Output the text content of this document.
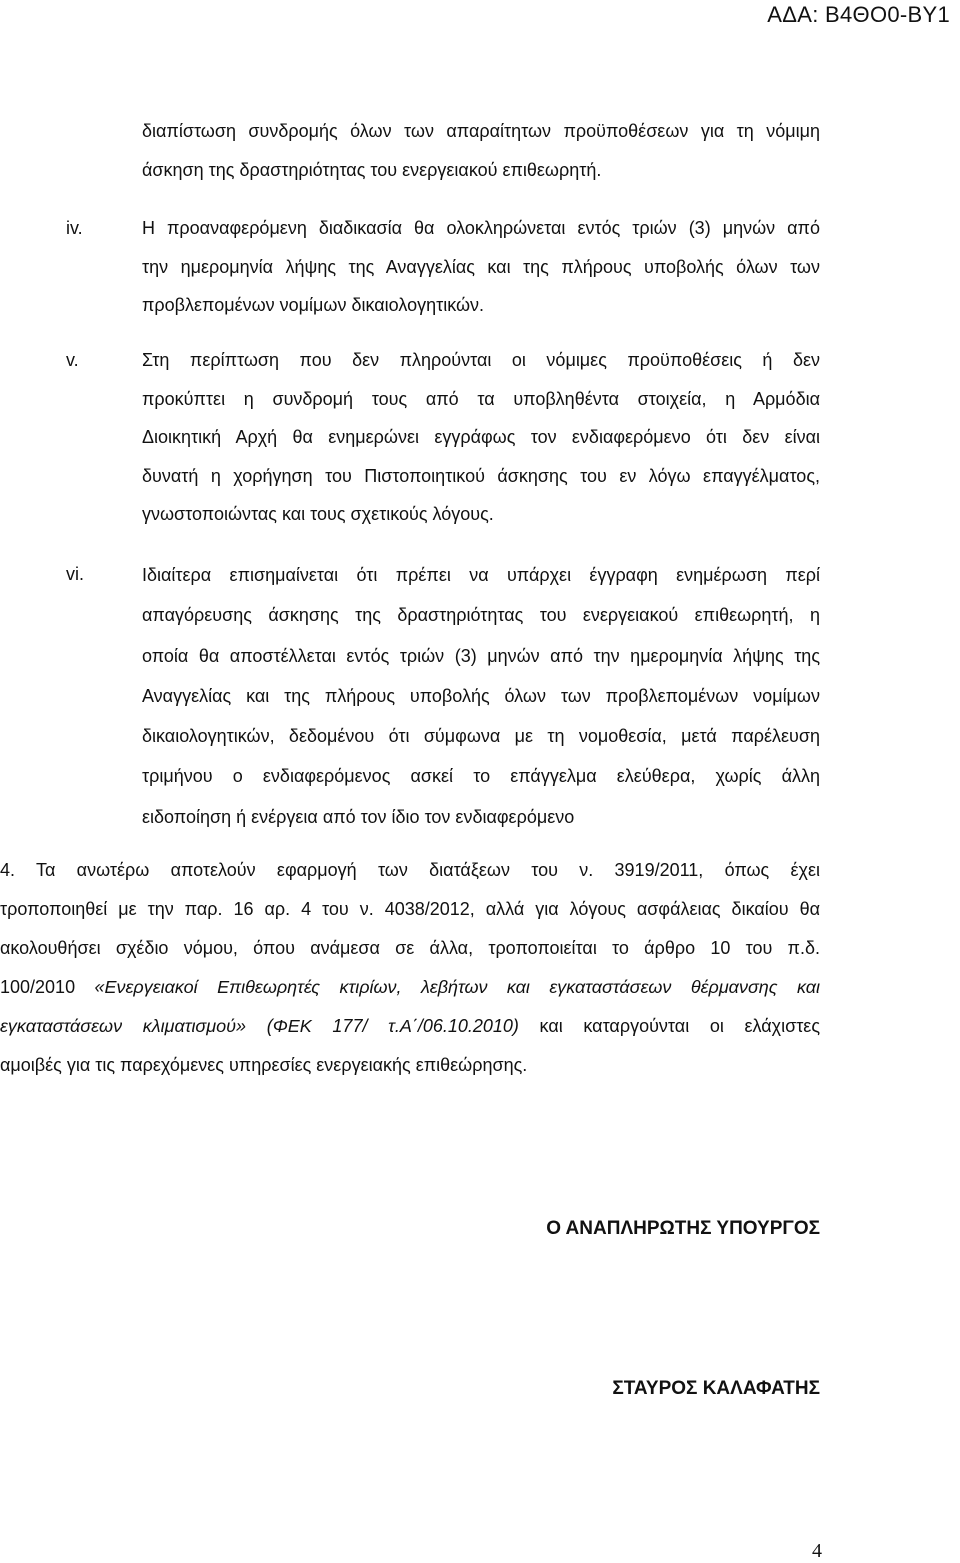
ΑΔΑ: Β4ΘΟ0-ΒΥ1
διαπίστωση συνδρομής όλων των απαραίτητων προϋποθέσεων για τη νόμιμη
άσκηση της δραστηριότητας του ενεργειακού επιθεωρητή.
iv.	Η προαναφερόμενη διαδικασία θα ολοκληρώνεται εντός τριών (3) μηνών από
την ημερομηνία λήψης της Αναγγελίας και της πλήρους υποβολής όλων των
προβλεπομένων νομίμων δικαιολογητικών.
v.	Στη περίπτωση που δεν πληρούνται οι νόμιμες προϋποθέσεις ή δεν
προκύπτει η συνδρομή τους από τα υποβληθέντα στοιχεία, η Αρμόδια
Διοικητική Αρχή θα ενημερώνει εγγράφως τον ενδιαφερόμενο ότι δεν είναι
δυνατή η χορήγηση του Πιστοποιητικού άσκησης του εν λόγω επαγγέλματος,
γνωστοποιώντας και τους σχετικούς λόγους.
vi.	Ιδιαίτερα επισημαίνεται ότι πρέπει να υπάρχει έγγραφη ενημέρωση περί
απαγόρευσης άσκησης της δραστηριότητας του ενεργειακού επιθεωρητή, η
οποία θα αποστέλλεται εντός τριών (3) μηνών από την ημερομηνία λήψης της
Αναγγελίας και της πλήρους υποβολής όλων των προβλεπομένων νομίμων
δικαιολογητικών, δεδομένου ότι σύμφωνα με τη νομοθεσία, μετά παρέλευση
τριμήνου ο ενδιαφερόμενος ασκεί το επάγγελμα ελεύθερα, χωρίς άλλη
ειδοποίηση ή ενέργεια από τον ίδιο τον ενδιαφερόμενο
4. Τα ανωτέρω αποτελούν εφαρμογή των διατάξεων του ν. 3919/2011, όπως έχει
τροποποιηθεί με την παρ. 16 αρ. 4 του ν. 4038/2012, αλλά για λόγους ασφάλειας δικαίου θα
ακολουθήσει σχέδιο νόμου, όπου ανάμεσα σε άλλα, τροποποιείται το άρθρο 10 του π.δ.
100/2010 «Ενεργειακοί Επιθεωρητές κτιρίων, λεβήτων και εγκαταστάσεων θέρμανσης και
εγκαταστάσεων κλιματισμού» (ΦΕΚ 177/ τ.Α΄/06.10.2010) και καταργούνται οι ελάχιστες
αμοιβές για τις παρεχόμενες υπηρεσίες ενεργειακής επιθεώρησης.
Ο ΑΝΑΠΛΗΡΩΤΗΣ ΥΠΟΥΡΓΟΣ
ΣΤΑΥΡΟΣ ΚΑΛΑΦΑΤΗΣ
4
